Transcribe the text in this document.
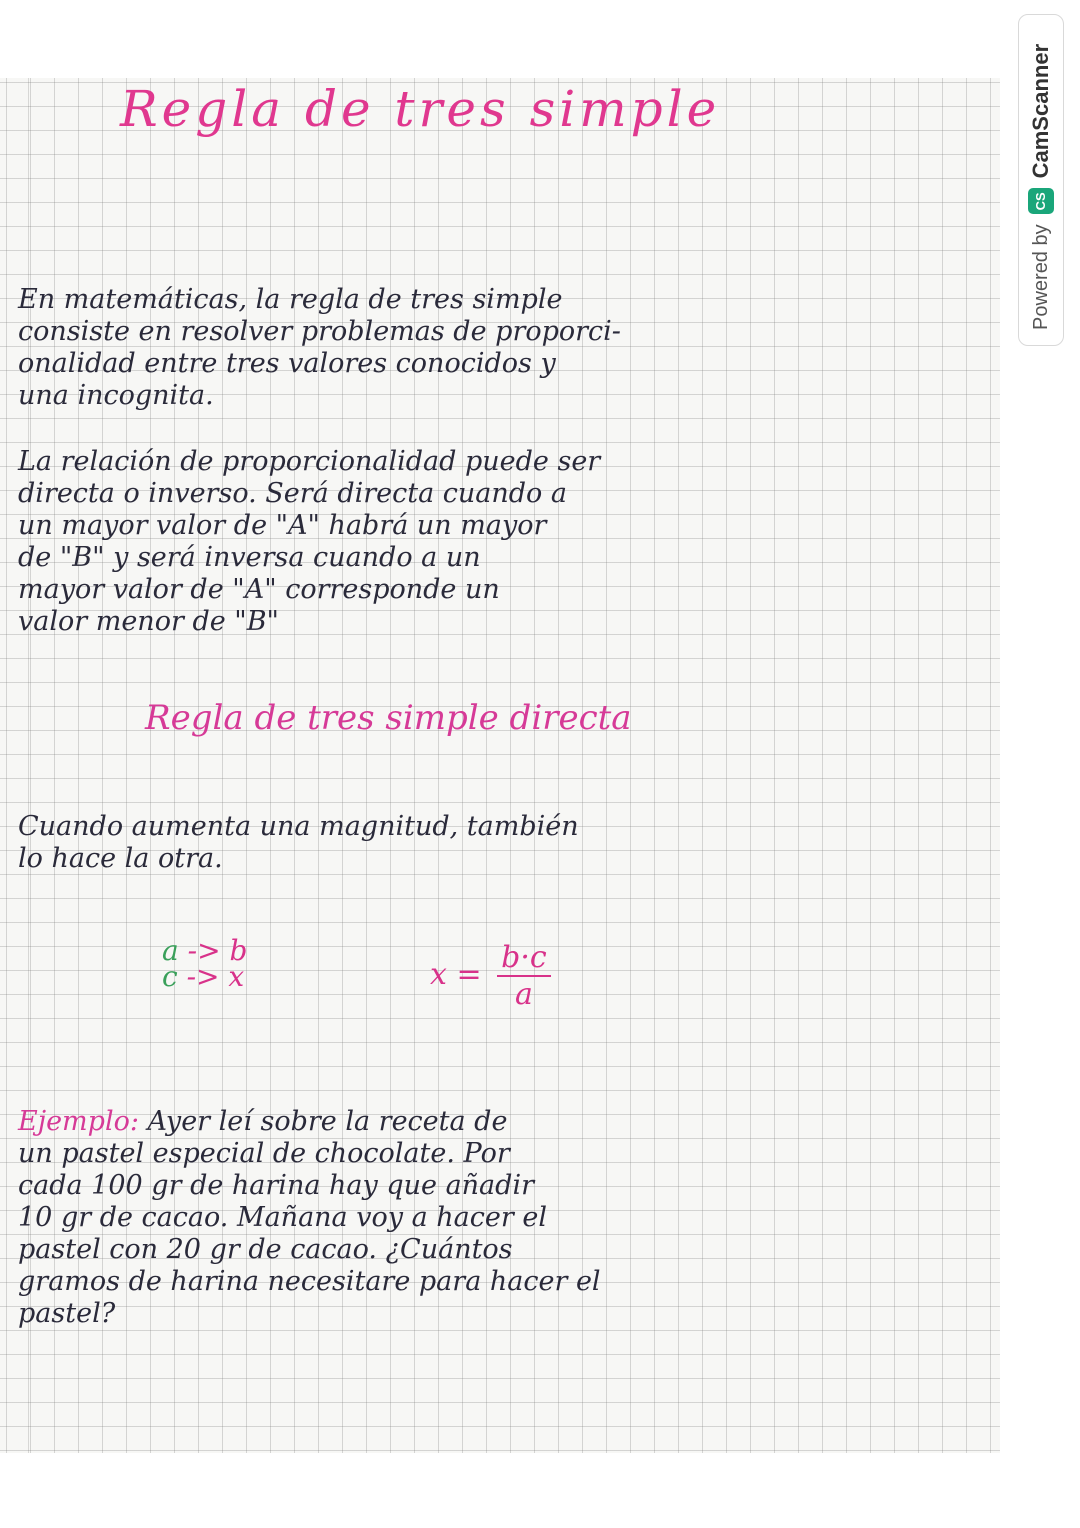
Powered by
CS
CamScanner
Regla de tres simple
En matemáticas, la regla de tres simple
consiste en resolver problemas de proporci-
onalidad entre tres valores conocidos y
una incognita.
La relación de proporcionalidad puede ser
directa o inverso. Será directa cuando a
un mayor valor de "A" habrá un mayor
de "B" y será inversa cuando a un
mayor valor de "A" corresponde un
valor menor de "B"
Regla de tres simple directa
Cuando aumenta una magnitud, también
lo hace la otra.
a -> b
c -> x	$x = \frac{b\cdot c}{a}$
Ejemplo: Ayer leí sobre la receta de
un pastel especial de chocolate. Por
cada 100 gr de harina hay que añadir
10 gr de cacao. Mañana voy a hacer el
pastel con 20 gr de cacao. ¿Cuántos
gramos de harina necesitare para hacer el
pastel?
